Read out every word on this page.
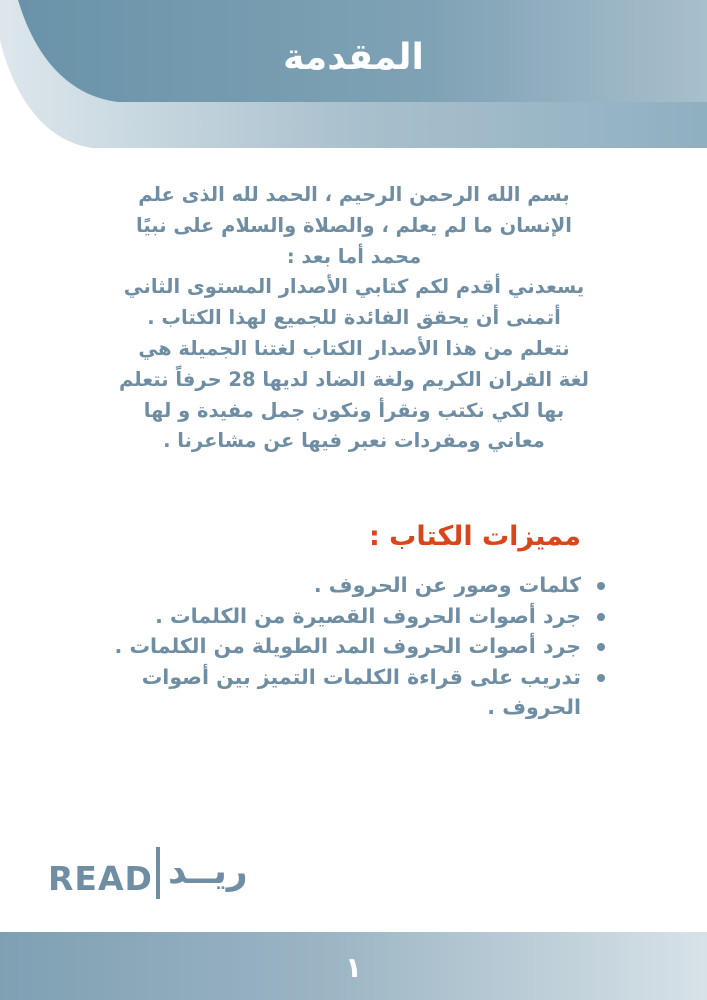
المقدمة
بسم الله الرحمن الرحيم ، الحمد لله الذى علم
الإنسان ما لم يعلم ، والصلاة والسلام على نبيًا
محمد أما بعد :
يسعدني أقدم لكم كتابي الأصدار المستوى الثاني
أتمنى أن يحقق الفائدة للجميع لهذا الكتاب .
نتعلم من هذا الأصدار الكتاب لغتنا الجميلة هي
لغة القران الكريم ولغة الضاد لديها 28 حرفاً نتعلم
بها لكي نكتب ونقرأ ونكون جمل مفيدة و لها
معاني ومفردات نعبر فيها عن مشاعرنا .
مميزات الكتاب :
كلمات وصور عن الحروف .
جرد أصوات الحروف القصيرة من الكلمات .
جرد أصوات الحروف المد الطويلة من الكلمات .
تدريب على قراءة الكلمات التميز بين أصوات الحروف .
READ ريــد
١
